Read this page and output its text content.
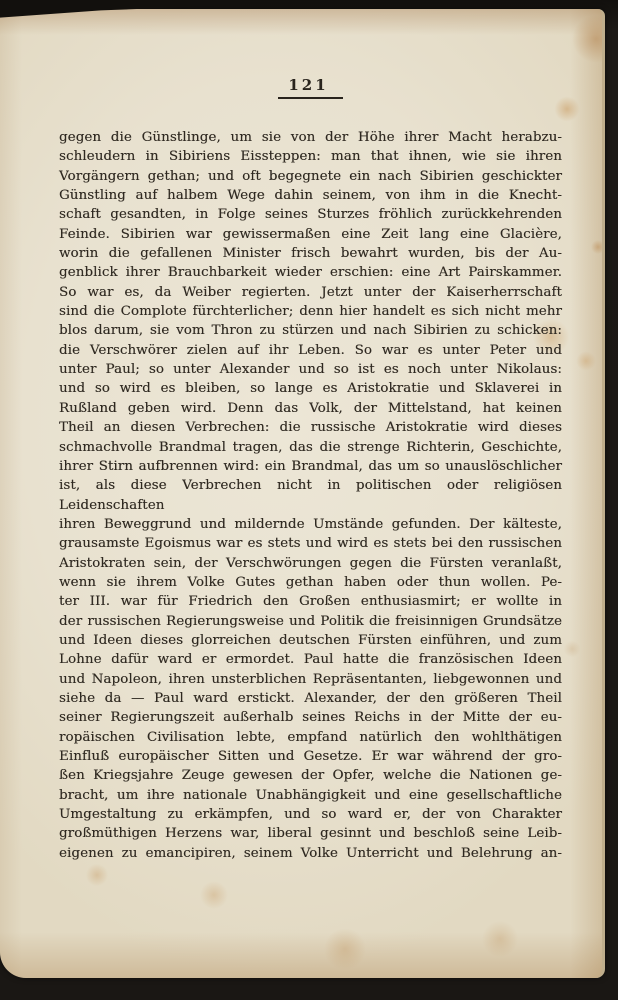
121
gegen die Günstlinge, um sie von der Höhe ihrer Macht herabzu-
schleudern in Sibiriens Eissteppen: man that ihnen, wie sie ihren
Vorgängern gethan; und oft begegnete ein nach Sibirien geschickter
Günstling auf halbem Wege dahin seinem, von ihm in die Knecht-
schaft gesandten, in Folge seines Sturzes fröhlich zurückkehrenden
Feinde. Sibirien war gewissermaßen eine Zeit lang eine Glacière,
worin die gefallenen Minister frisch bewahrt wurden, bis der Au-
genblick ihrer Brauchbarkeit wieder erschien: eine Art Pairskammer.
So war es, da Weiber regierten. Jetzt unter der Kaiserherrschaft
sind die Complote fürchterlicher; denn hier handelt es sich nicht mehr
blos darum, sie vom Thron zu stürzen und nach Sibirien zu schicken:
die Verschwörer zielen auf ihr Leben. So war es unter Peter und
unter Paul; so unter Alexander und so ist es noch unter Nikolaus:
und so wird es bleiben, so lange es Aristokratie und Sklaverei in
Rußland geben wird. Denn das Volk, der Mittelstand, hat keinen
Theil an diesen Verbrechen: die russische Aristokratie wird dieses
schmachvolle Brandmal tragen, das die strenge Richterin, Geschichte,
ihrer Stirn aufbrennen wird: ein Brandmal, das um so unauslöschlicher
ist, als diese Verbrechen nicht in politischen oder religiösen Leidenschaften
ihren Beweggrund und mildernde Umstände gefunden. Der kälteste,
grausamste Egoismus war es stets und wird es stets bei den russischen
Aristokraten sein, der Verschwörungen gegen die Fürsten veranlaßt,
wenn sie ihrem Volke Gutes gethan haben oder thun wollen. Pe-
ter III. war für Friedrich den Großen enthusiasmirt; er wollte in
der russischen Regierungsweise und Politik die freisinnigen Grundsätze
und Ideen dieses glorreichen deutschen Fürsten einführen, und zum
Lohne dafür ward er ermordet. Paul hatte die französischen Ideen
und Napoleon, ihren unsterblichen Repräsentanten, liebgewonnen und
siehe da — Paul ward erstickt. Alexander, der den größeren Theil
seiner Regierungszeit außerhalb seines Reichs in der Mitte der eu-
ropäischen Civilisation lebte, empfand natürlich den wohlthätigen
Einfluß europäischer Sitten und Gesetze. Er war während der gro-
ßen Kriegsjahre Zeuge gewesen der Opfer, welche die Nationen ge-
bracht, um ihre nationale Unabhängigkeit und eine gesellschaftliche
Umgestaltung zu erkämpfen, und so ward er, der von Charakter
großmüthigen Herzens war, liberal gesinnt und beschloß seine Leib-
eigenen zu emancipiren, seinem Volke Unterricht und Belehrung an-
